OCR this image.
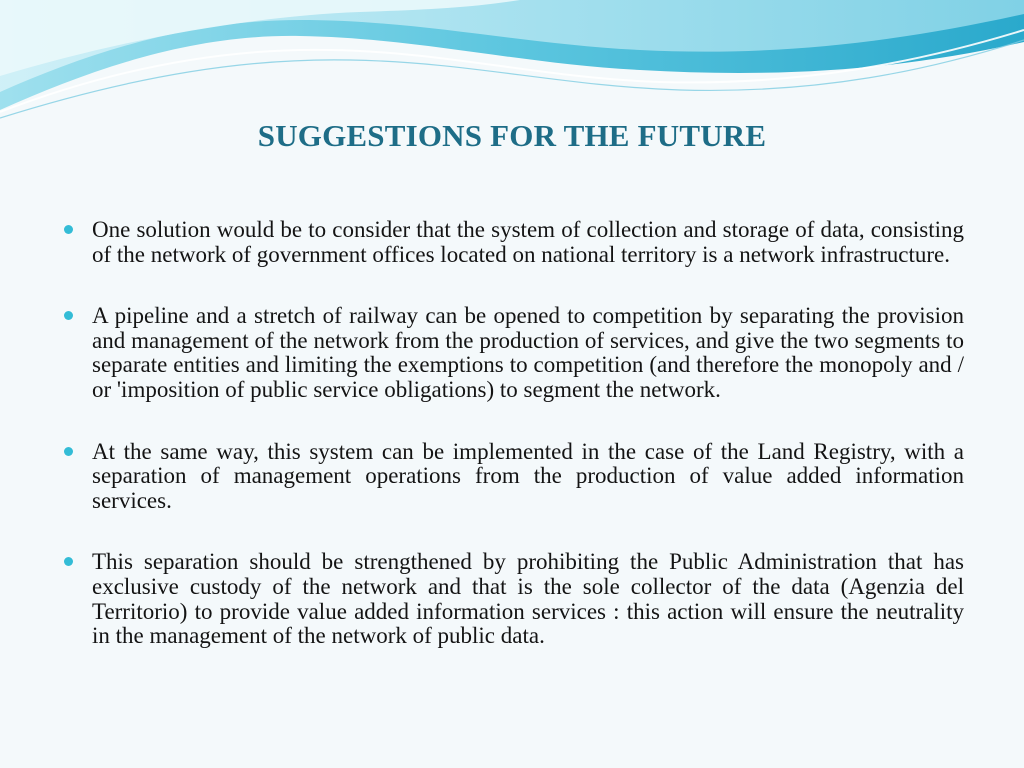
SUGGESTIONS FOR THE FUTURE
One solution would be to consider that the system of collection and storage of data, consisting of the network of government offices located on national territory is a network infrastructure.
A pipeline and a stretch of railway can be opened to competition by separating the provision and management of the network from the production of services, and give the two segments to separate entities and limiting the exemptions to competition (and therefore the monopoly and / or 'imposition of public service obligations) to segment the network.
At the same way, this system can be implemented in the case of the Land Registry, with a separation of management operations from the production of value added information services.
This separation should be strengthened by prohibiting the Public Administration that has exclusive custody of the network and that is the sole collector of the data (Agenzia del Territorio) to provide value added information services : this action will ensure the neutrality in the management of the network of public data.
